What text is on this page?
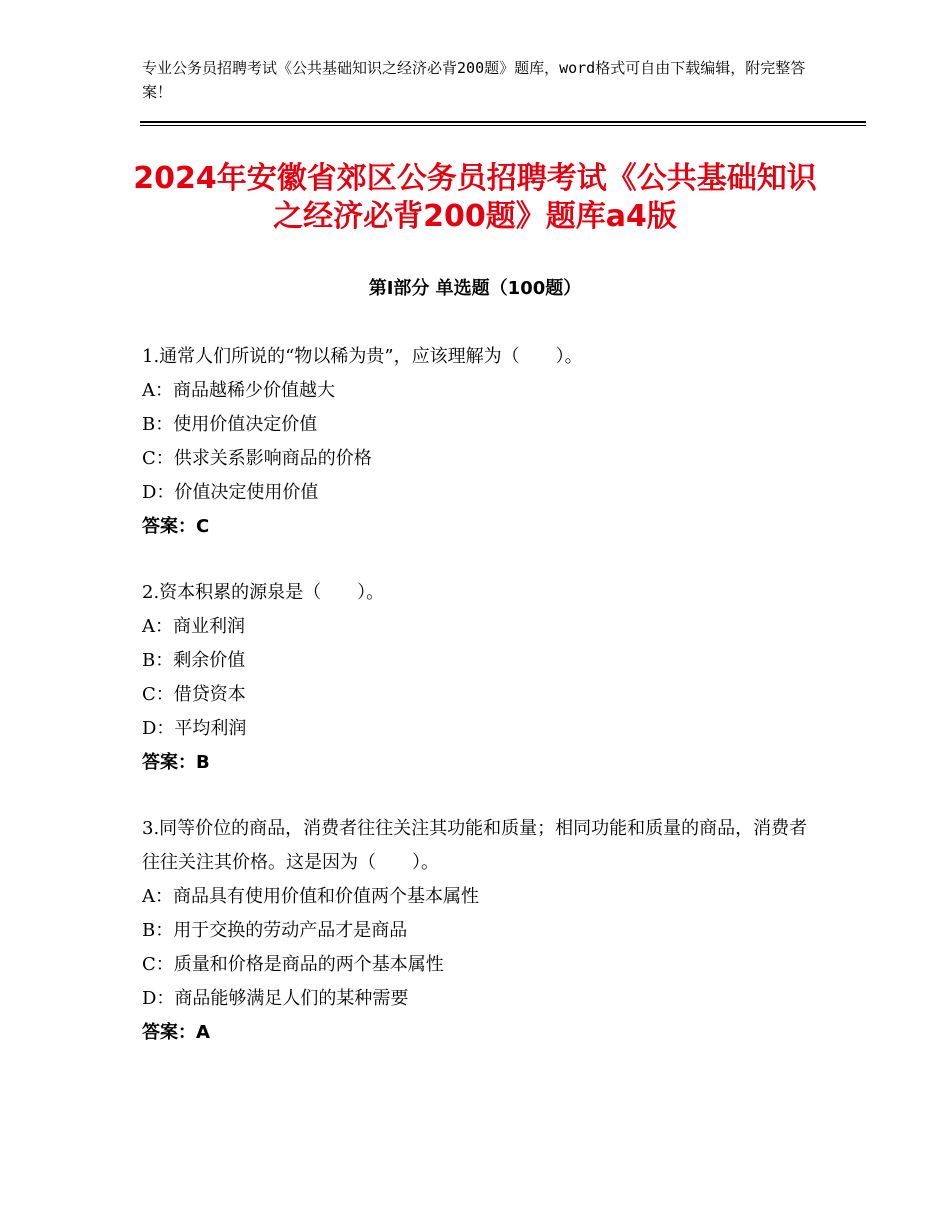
专业公务员招聘考试《公共基础知识之经济必背200题》题库，word格式可自由下载编辑，附完整答案！
2024年安徽省郊区公务员招聘考试《公共基础知识之经济必背200题》题库a4版
第Ⅰ部分 单选题（100题）
1.通常人们所说的“物以稀为贵”，应该理解为（　　）。
A：商品越稀少价值越大
B：使用价值决定价值
C：供求关系影响商品的价格
D：价值决定使用价值
答案：C
2.资本积累的源泉是（　　）。
A：商业利润
B：剩余价值
C：借贷资本
D：平均利润
答案：B
3.同等价位的商品，消费者往往关注其功能和质量；相同功能和质量的商品，消费者往往关注其价格。这是因为（　　）。
A：商品具有使用价值和价值两个基本属性
B：用于交换的劳动产品才是商品
C：质量和价格是商品的两个基本属性
D：商品能够满足人们的某种需要
答案：A
